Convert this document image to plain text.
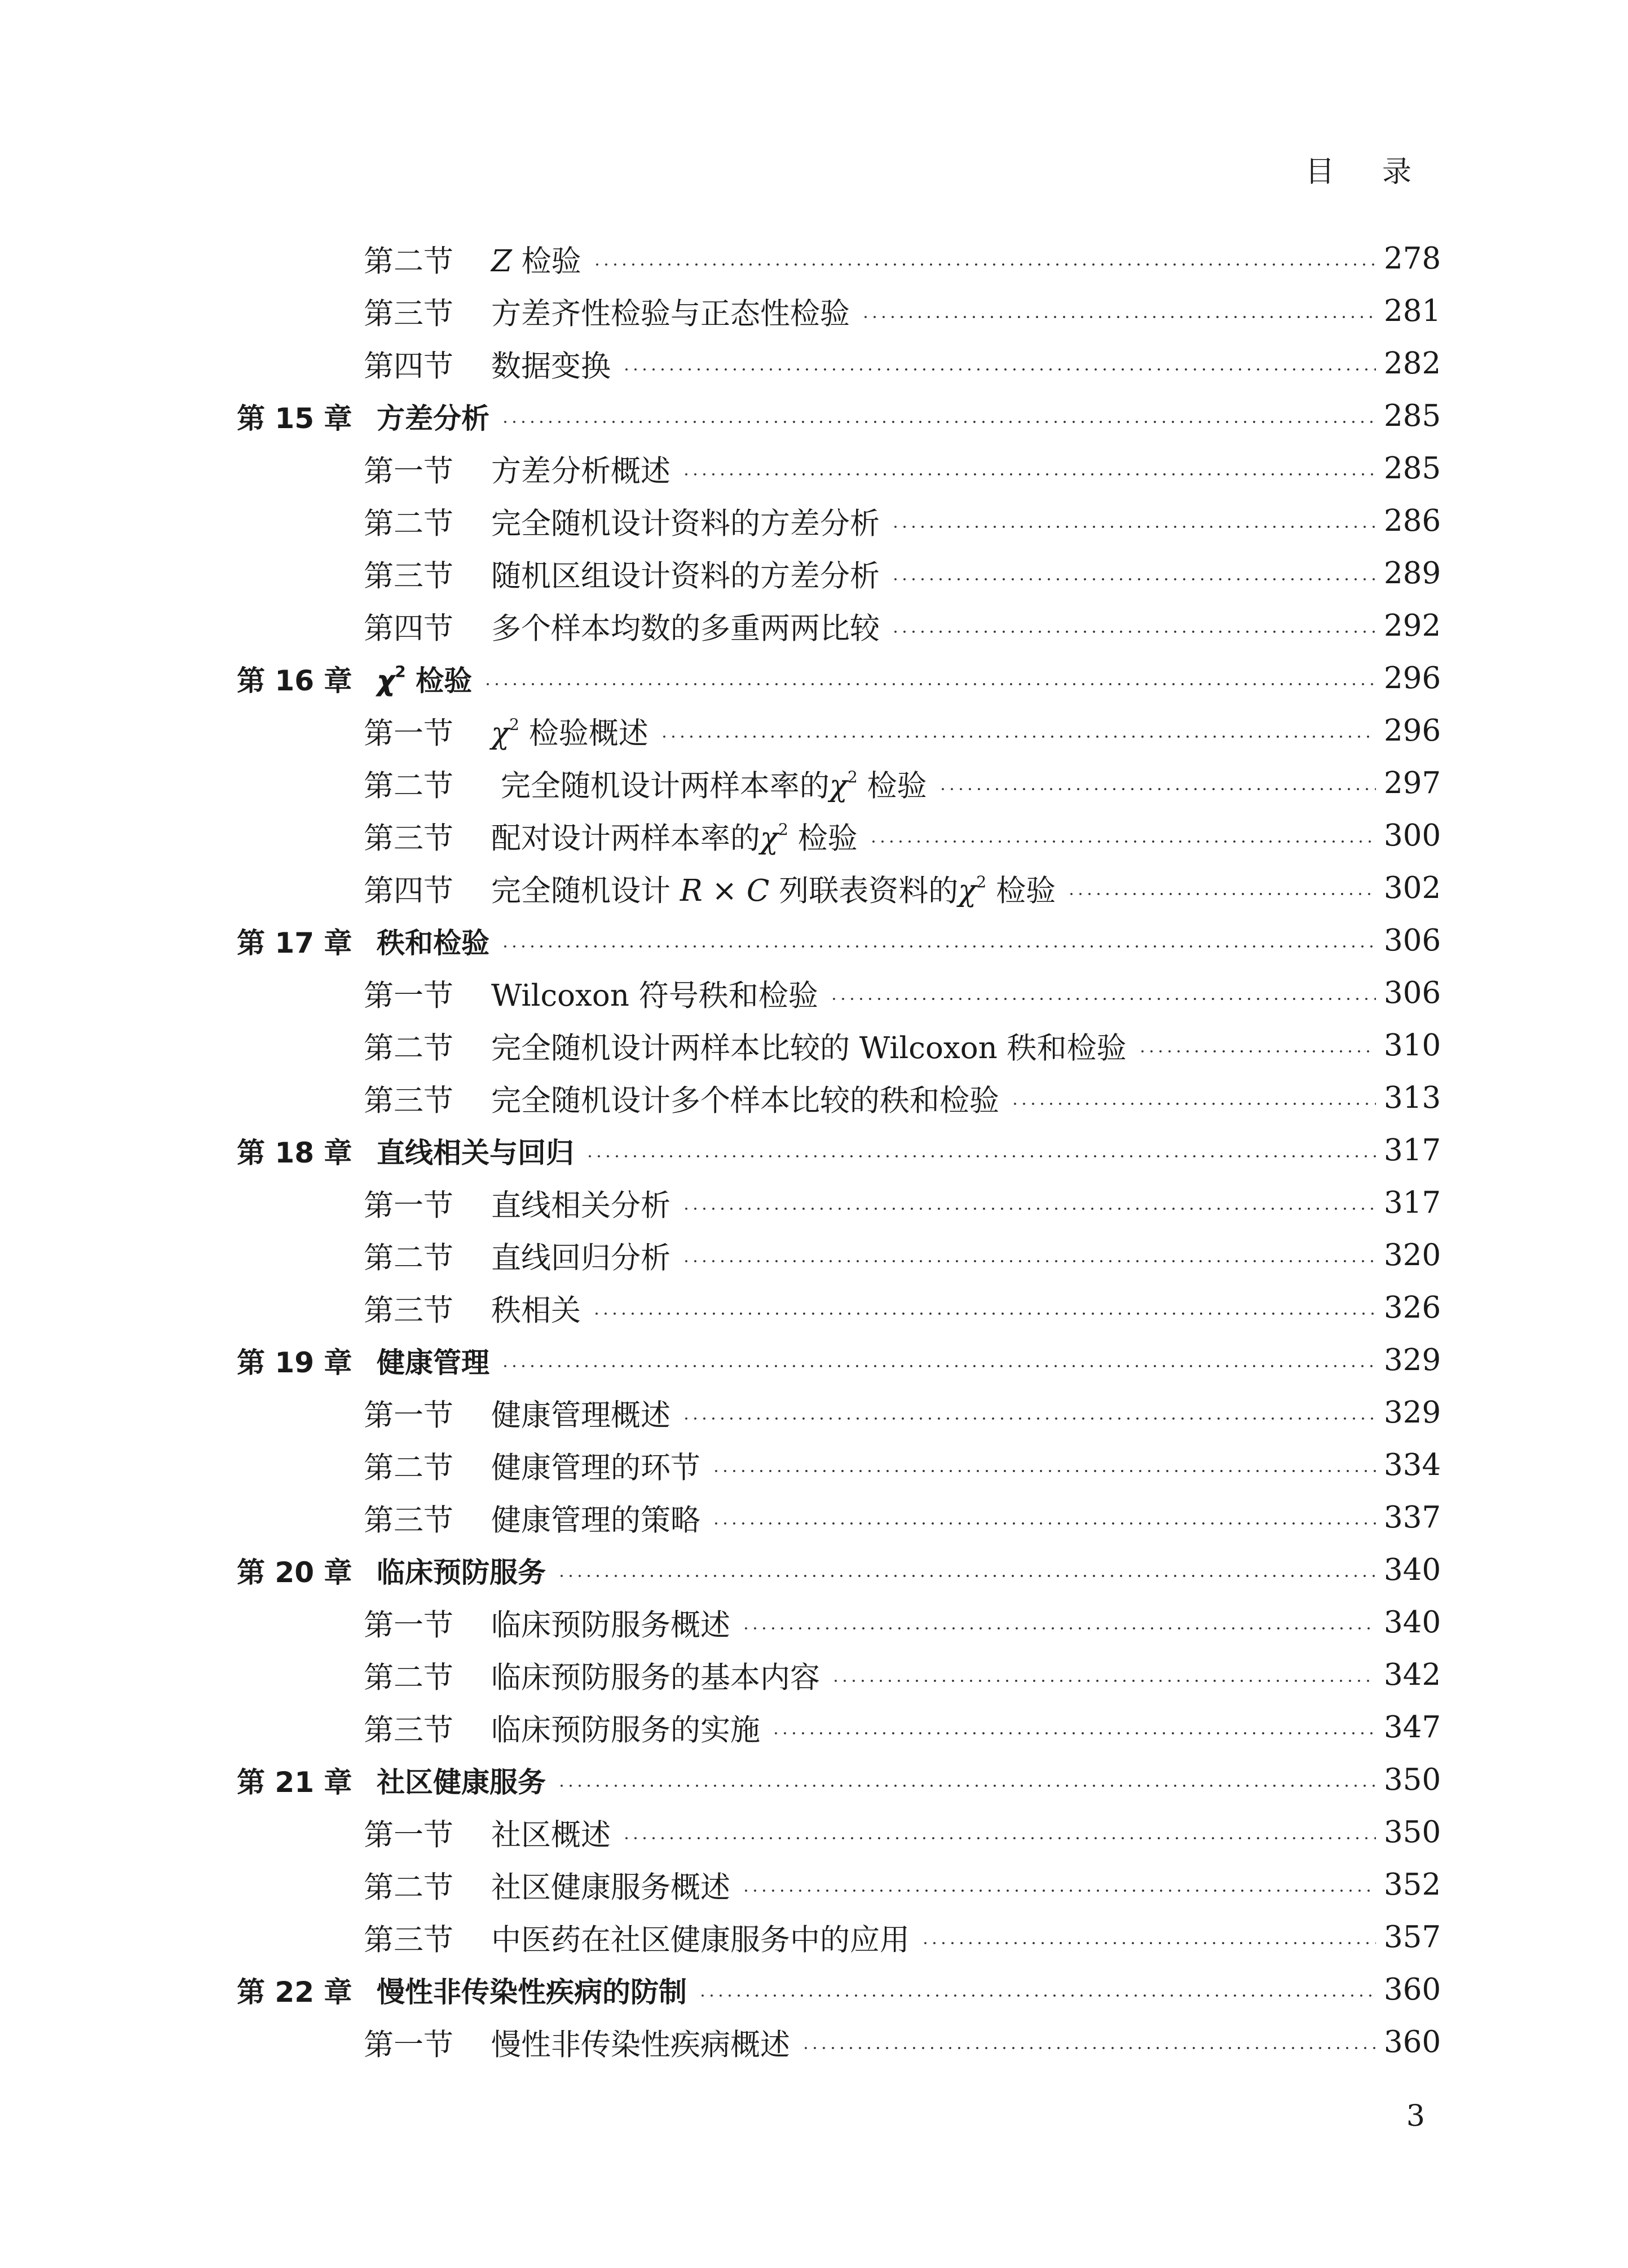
目 录
第二节	Z 检验	278
第三节	方差齐性检验与正态性检验	281
第四节	数据变换	282
第 15 章 方差分析	285
第一节	方差分析概述	285
第二节	完全随机设计资料的方差分析	286
第三节	随机区组设计资料的方差分析	289
第四节	多个样本均数的多重两两比较	292
第 16 章 $\chi^2$ 检验	296
第一节	$\chi^2$ 检验概述	296
第二节	完全随机设计两样本率的$\chi^2$ 检验	297
第三节	配对设计两样本率的$\chi^2$ 检验	300
第四节	完全随机设计 R × C 列联表资料的$\chi^2$ 检验	302
第 17 章 秩和检验	306
第一节	Wilcoxon 符号秩和检验	306
第二节	完全随机设计两样本比较的 Wilcoxon 秩和检验	310
第三节	完全随机设计多个样本比较的秩和检验	313
第 18 章 直线相关与回归	317
第一节	直线相关分析	317
第二节	直线回归分析	320
第三节	秩相关	326
第 19 章 健康管理	329
第一节	健康管理概述	329
第二节	健康管理的环节	334
第三节	健康管理的策略	337
第 20 章 临床预防服务	340
第一节	临床预防服务概述	340
第二节	临床预防服务的基本内容	342
第三节	临床预防服务的实施	347
第 21 章 社区健康服务	350
第一节	社区概述	350
第二节	社区健康服务概述	352
第三节	中医药在社区健康服务中的应用	357
第 22 章 慢性非传染性疾病的防制	360
第一节	慢性非传染性疾病概述	360
3
